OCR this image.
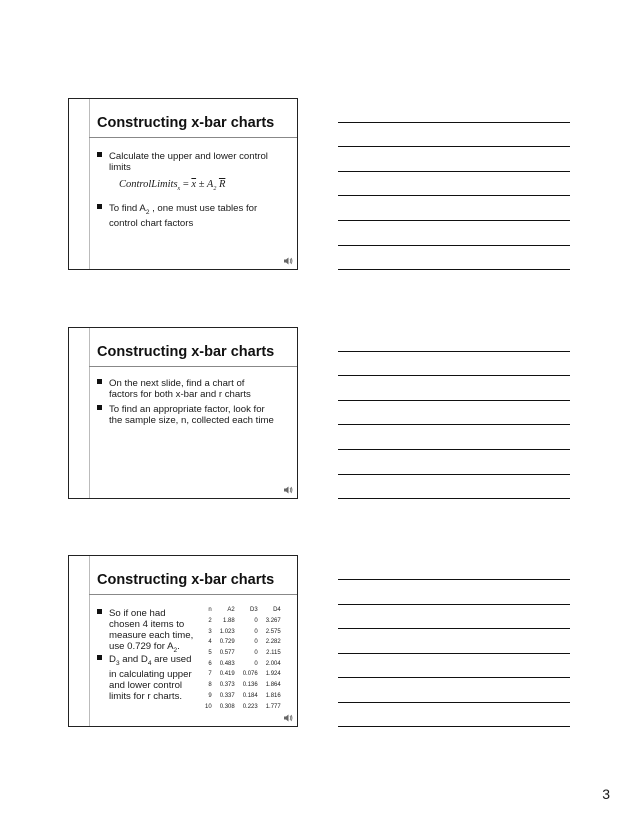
Constructing x-bar charts
Calculate the upper and lower control
limits
ControlLimits$_x$ = $\overline{x} \pm A_2$ $\overline{R}$
To find $A_2$ , one must use tables for
control chart factors
Constructing x-bar charts
On the next slide, find a chart of
factors for both x-bar and r charts
To find an appropriate factor, look for
the sample size, n, collected each time
Constructing x-bar charts
So if one had
chosen 4 items to
measure each time,
use 0.729 for $A_2$.
$D_3$ and $D_4$ are used
in calculating upper
and lower control
limits for r charts.
n	A2	D3	D4
2	1.88	0	3.267
3	1.023	0	2.575
4	0.729	0	2.282
5	0.577	0	2.115
6	0.483	0	2.004
7	0.419	0.076	1.924
8	0.373	0.136	1.864
9	0.337	0.184	1.816
10	0.308	0.223	1.777
3
